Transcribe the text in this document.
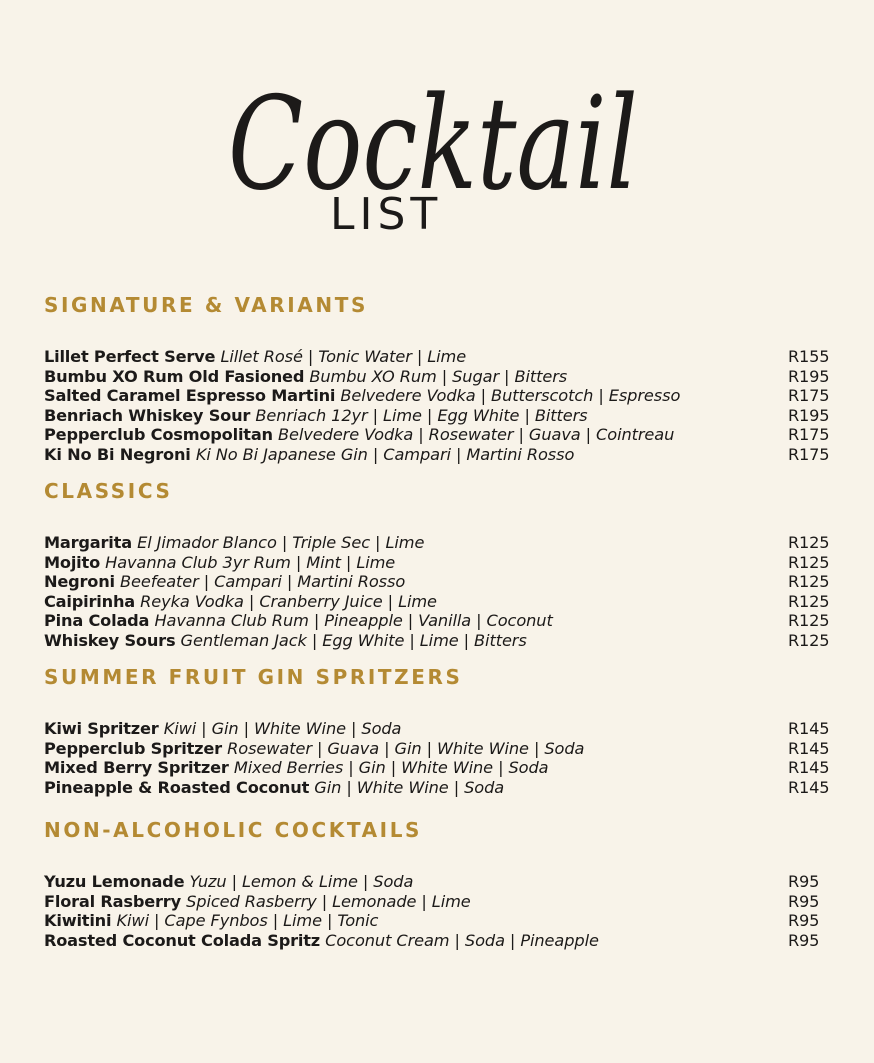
Cocktail
LIST
SIGNATURE & VARIANTS
Lillet Perfect Serve Lillet Rosé | Tonic Water | Lime	R155
Bumbu XO Rum Old Fasioned Bumbu XO Rum | Sugar | Bitters	R195
Salted Caramel Espresso Martini Belvedere Vodka | Butterscotch | Espresso	R175
Benriach Whiskey Sour Benriach 12yr | Lime | Egg White | Bitters	R195
Pepperclub Cosmopolitan Belvedere Vodka | Rosewater | Guava | Cointreau	R175
Ki No Bi Negroni Ki No Bi Japanese Gin | Campari | Martini Rosso	R175
CLASSICS
Margarita El Jimador Blanco | Triple Sec | Lime	R125
Mojito Havanna Club 3yr Rum | Mint | Lime	R125
Negroni Beefeater | Campari | Martini Rosso	R125
Caipirinha Reyka Vodka | Cranberry Juice | Lime	R125
Pina Colada Havanna Club Rum | Pineapple | Vanilla | Coconut	R125
Whiskey Sours Gentleman Jack | Egg White | Lime | Bitters	R125
SUMMER FRUIT GIN SPRITZERS
Kiwi Spritzer Kiwi | Gin | White Wine | Soda	R145
Pepperclub Spritzer Rosewater | Guava | Gin | White Wine | Soda	R145
Mixed Berry Spritzer Mixed Berries | Gin | White Wine | Soda	R145
Pineapple & Roasted Coconut Gin | White Wine | Soda	R145
NON-ALCOHOLIC COCKTAILS
Yuzu Lemonade Yuzu | Lemon & Lime | Soda	R95
Floral Rasberry Spiced Rasberry | Lemonade | Lime	R95
Kiwitini Kiwi | Cape Fynbos | Lime | Tonic	R95
Roasted Coconut Colada Spritz Coconut Cream | Soda | Pineapple	R95
